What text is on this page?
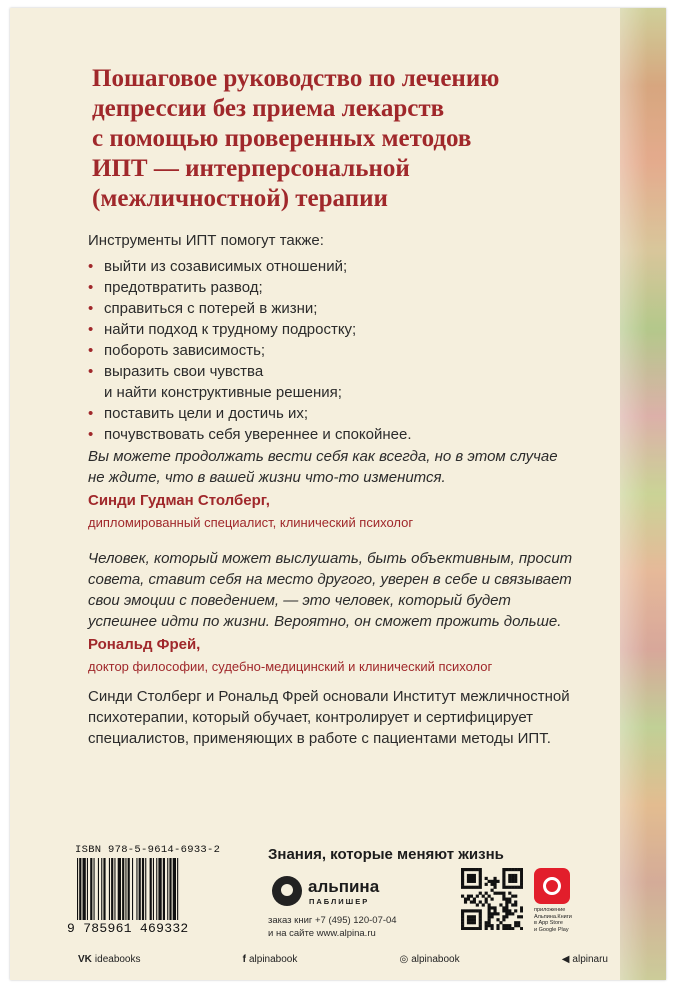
Пошаговое руководство по лечению
депрессии без приема лекарств
с помощью проверенных методов
ИПТ — интерперсональной
(межличностной) терапии

Инструменты ИПТ помогут также:

• выйти из созависимых отношений;
• предотвратить развод;
• справиться с потерей в жизни;
• найти подход к трудному подростку;
• побороть зависимость;
• выразить свои чувства
и найти конструктивные решения;
• поставить цели и достичь их;
• почувствовать себя увереннее и спокойнее.

Вы можете продолжать вести себя как всегда, но в этом случае не ждите, что в вашей жизни что-то изменится.

Синди Гудман Столберг,

дипломированный специалист, клинический психолог

Человек, который может выслушать, быть объективным, просит совета, ставит себя на место другого, уверен в себе и связывает свои эмоции с поведением, — это человек, который будет успешнее идти по жизни. Вероятно, он сможет прожить дольше.

Рональд Фрей,

доктор философии, судебно-медицинский и клинический психолог

Синди Столберг и Рональд Фрей основали Институт межличностной психотерапии, который обучает, контролирует и сертифицирует специалистов, применяющих в работе с пациентами методы ИПТ.

ISBN 978-5-9614-6933-2

9 785961 469332

Знания, которые меняют жизнь

альпина

ПАБЛИШЕР

заказ книг +7 (495) 120-07-04
и на сайте www.alpina.ru

приложение
Альпина.Книги
в App Store
и Google Play

VK ideabooks	f alpinabook	◎ alpinabook	◀ alpinaru
